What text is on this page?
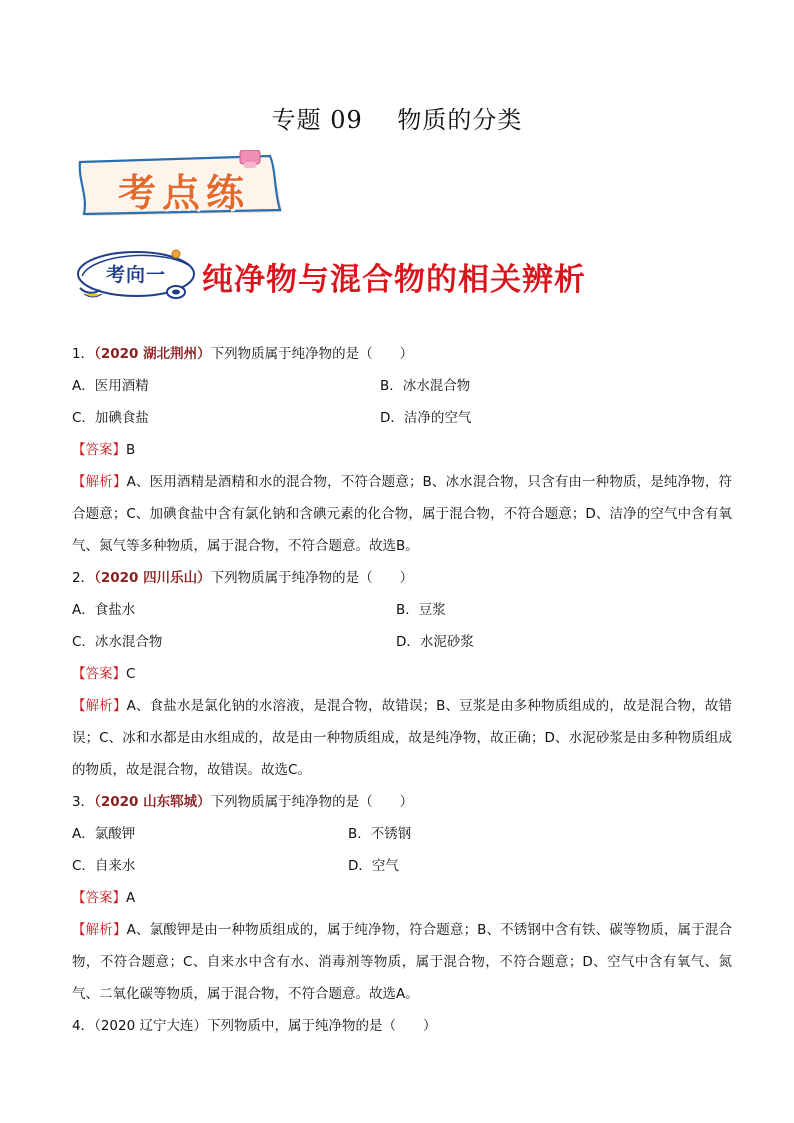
专题 09    物质的分类
考点练
考向一	纯净物与混合物的相关辨析
1．（2020 湖北荆州）下列物质属于纯净物的是（　　）
A．医用酒精	B．冰水混合物
C．加碘食盐	D．洁净的空气
【答案】B
【解析】A、医用酒精是酒精和水的混合物，不符合题意；B、冰水混合物，只含有由一种物质，是纯净物，符合题意；C、加碘食盐中含有氯化钠和含碘元素的化合物，属于混合物，不符合题意；D、洁净的空气中含有氧气、氮气等多种物质，属于混合物，不符合题意。故选B。
2．（2020 四川乐山）下列物质属于纯净物的是（　　）
A．食盐水	B．豆浆
C．冰水混合物	D．水泥砂浆
【答案】C
【解析】A、食盐水是氯化钠的水溶液，是混合物，故错误；B、豆浆是由多种物质组成的，故是混合物，故错误；C、冰和水都是由水组成的，故是由一种物质组成，故是纯净物，故正确；D、水泥砂浆是由多种物质组成的物质，故是混合物，故错误。故选C。
3．（2020 山东郓城）下列物质属于纯净物的是（　　）
A．氯酸钾	B．不锈钢
C．自来水	D．空气
【答案】A
【解析】A、氯酸钾是由一种物质组成的，属于纯净物，符合题意；B、不锈钢中含有铁、碳等物质，属于混合物，不符合题意；C、自来水中含有水、消毒剂等物质，属于混合物，不符合题意；D、空气中含有氧气、氮气、二氧化碳等物质，属于混合物，不符合题意。故选A。
4．（2020 辽宁大连）下列物质中，属于纯净物的是（　　）
